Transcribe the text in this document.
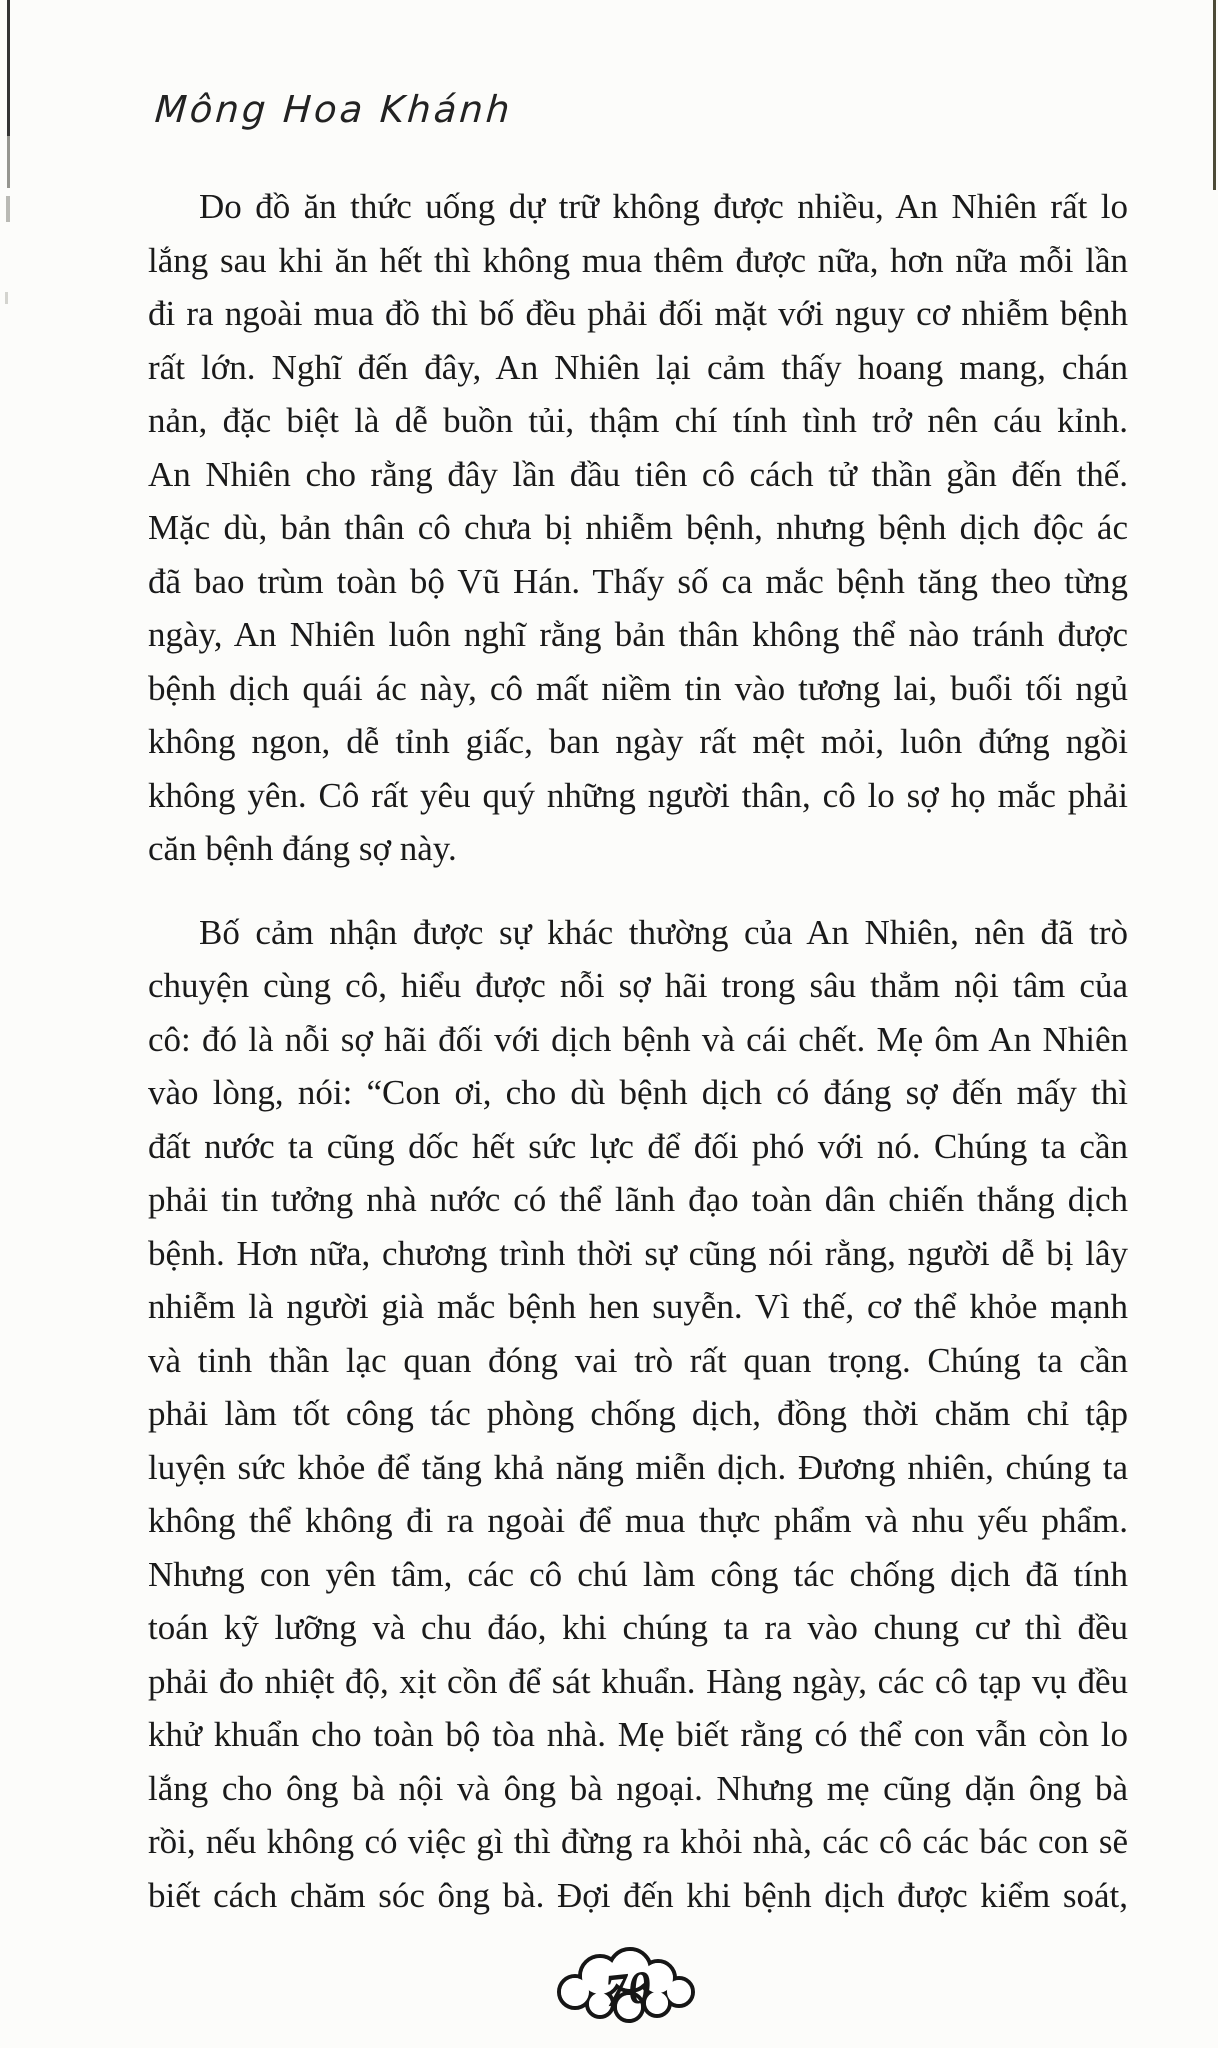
Mông Hoa Khánh
Do đồ ăn thức uống dự trữ không được nhiều, An Nhiên rất lo
lắng sau khi ăn hết thì không mua thêm được nữa, hơn nữa mỗi lần
đi ra ngoài mua đồ thì bố đều phải đối mặt với nguy cơ nhiễm bệnh
rất lớn. Nghĩ đến đây, An Nhiên lại cảm thấy hoang mang, chán
nản, đặc biệt là dễ buồn tủi, thậm chí tính tình trở nên cáu kỉnh.
An Nhiên cho rằng đây lần đầu tiên cô cách tử thần gần đến thế.
Mặc dù, bản thân cô chưa bị nhiễm bệnh, nhưng bệnh dịch độc ác
đã bao trùm toàn bộ Vũ Hán. Thấy số ca mắc bệnh tăng theo từng
ngày, An Nhiên luôn nghĩ rằng bản thân không thể nào tránh được
bệnh dịch quái ác này, cô mất niềm tin vào tương lai, buổi tối ngủ
không ngon, dễ tỉnh giấc, ban ngày rất mệt mỏi, luôn đứng ngồi
không yên. Cô rất yêu quý những người thân, cô lo sợ họ mắc phải
căn bệnh đáng sợ này.
Bố cảm nhận được sự khác thường của An Nhiên, nên đã trò
chuyện cùng cô, hiểu được nỗi sợ hãi trong sâu thẳm nội tâm của
cô: đó là nỗi sợ hãi đối với dịch bệnh và cái chết. Mẹ ôm An Nhiên
vào lòng, nói: “Con ơi, cho dù bệnh dịch có đáng sợ đến mấy thì
đất nước ta cũng dốc hết sức lực để đối phó với nó. Chúng ta cần
phải tin tưởng nhà nước có thể lãnh đạo toàn dân chiến thắng dịch
bệnh. Hơn nữa, chương trình thời sự cũng nói rằng, người dễ bị lây
nhiễm là người già mắc bệnh hen suyễn. Vì thế, cơ thể khỏe mạnh
và tinh thần lạc quan đóng vai trò rất quan trọng. Chúng ta cần
phải làm tốt công tác phòng chống dịch, đồng thời chăm chỉ tập
luyện sức khỏe để tăng khả năng miễn dịch. Đương nhiên, chúng ta
không thể không đi ra ngoài để mua thực phẩm và nhu yếu phẩm.
Nhưng con yên tâm, các cô chú làm công tác chống dịch đã tính
toán kỹ lưỡng và chu đáo, khi chúng ta ra vào chung cư thì đều
phải đo nhiệt độ, xịt cồn để sát khuẩn. Hàng ngày, các cô tạp vụ đều
khử khuẩn cho toàn bộ tòa nhà. Mẹ biết rằng có thể con vẫn còn lo
lắng cho ông bà nội và ông bà ngoại. Nhưng mẹ cũng dặn ông bà
rồi, nếu không có việc gì thì đừng ra khỏi nhà, các cô các bác con sẽ
biết cách chăm sóc ông bà. Đợi đến khi bệnh dịch được kiểm soát,
70
